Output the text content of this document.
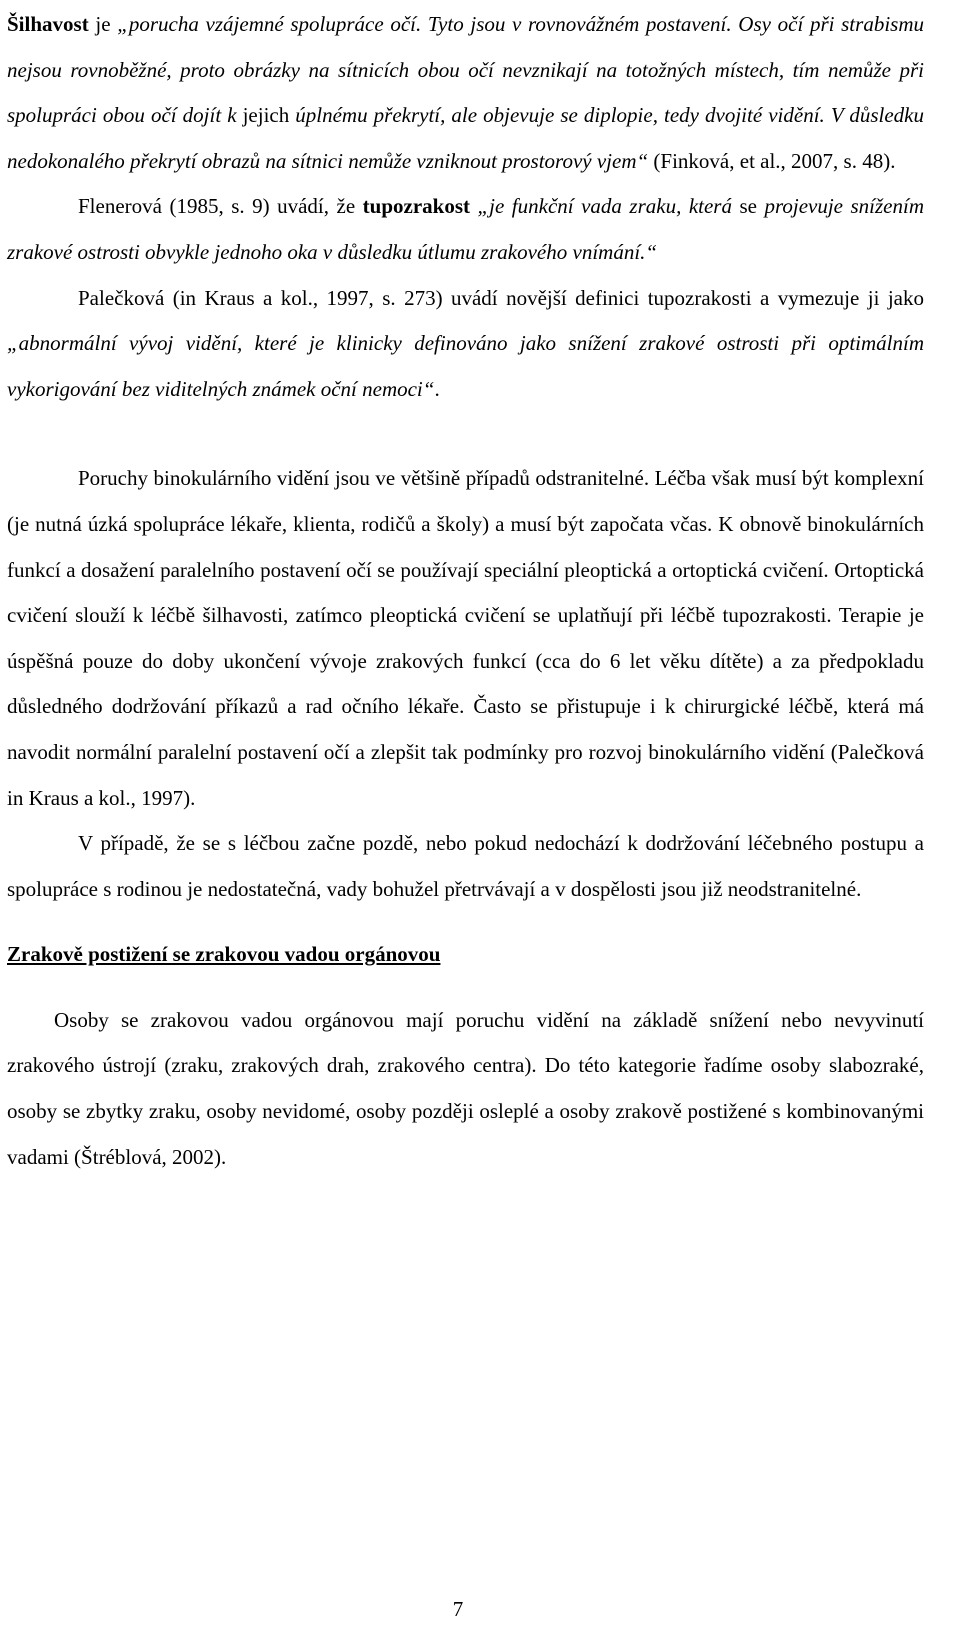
Šilhavost je „porucha vzájemné spolupráce očí. Tyto jsou v rovnovážném postavení. Osy očí při strabismu nejsou rovnoběžné, proto obrázky na sítnicích obou očí nevznikají na totožných místech, tím nemůže při spolupráci obou očí dojít k jejich úplnému překrytí, ale objevuje se diplopie, tedy dvojité vidění. V důsledku nedokonalého překrytí obrazů na sítnici nemůže vzniknout prostorový vjem“ (Finková, et al., 2007, s. 48).

Flenerová (1985, s. 9) uvádí, že tupozrakost „je funkční vada zraku, která se projevuje snížením zrakové ostrosti obvykle jednoho oka v důsledku útlumu zrakového vnímání.“

Palečková (in Kraus a kol., 1997, s. 273) uvádí novější definici tupozrakosti a vymezuje ji jako „abnormální vývoj vidění, které je klinicky definováno jako snížení zrakové ostrosti při optimálním vykorigování bez viditelných známek oční nemoci“.

Poruchy binokulárního vidění jsou ve většině případů odstranitelné. Léčba však musí být komplexní (je nutná úzká spolupráce lékaře, klienta, rodičů a školy) a musí být započata včas. K obnově binokulárních funkcí a dosažení paralelního postavení očí se používají speciální pleoptická a ortoptická cvičení. Ortoptická cvičení slouží k léčbě šilhavosti, zatímco pleoptická cvičení se uplatňují při léčbě tupozrakosti. Terapie je úspěšná pouze do doby ukončení vývoje zrakových funkcí (cca do 6 let věku dítěte) a za předpokladu důsledného dodržování příkazů a rad očního lékaře. Často se přistupuje i k chirurgické léčbě, která má navodit normální paralelní postavení očí a zlepšit tak podmínky pro rozvoj binokulárního vidění (Palečková in Kraus a kol., 1997).

V případě, že se s léčbou začne pozdě, nebo pokud nedochází k dodržování léčebného postupu a spolupráce s rodinou je nedostatečná, vady bohužel přetrvávají a v dospělosti jsou již neodstranitelné.

Zrakově postižení se zrakovou vadou orgánovou

Osoby se zrakovou vadou orgánovou mají poruchu vidění na základě snížení nebo nevyvinutí zrakového ústrojí (zraku, zrakových drah, zrakového centra). Do této kategorie řadíme osoby slabozraké, osoby se zbytky zraku, osoby nevidomé, osoby později osleplé a osoby zrakově postižené s kombinovanými vadami (Štréblová, 2002).

7
